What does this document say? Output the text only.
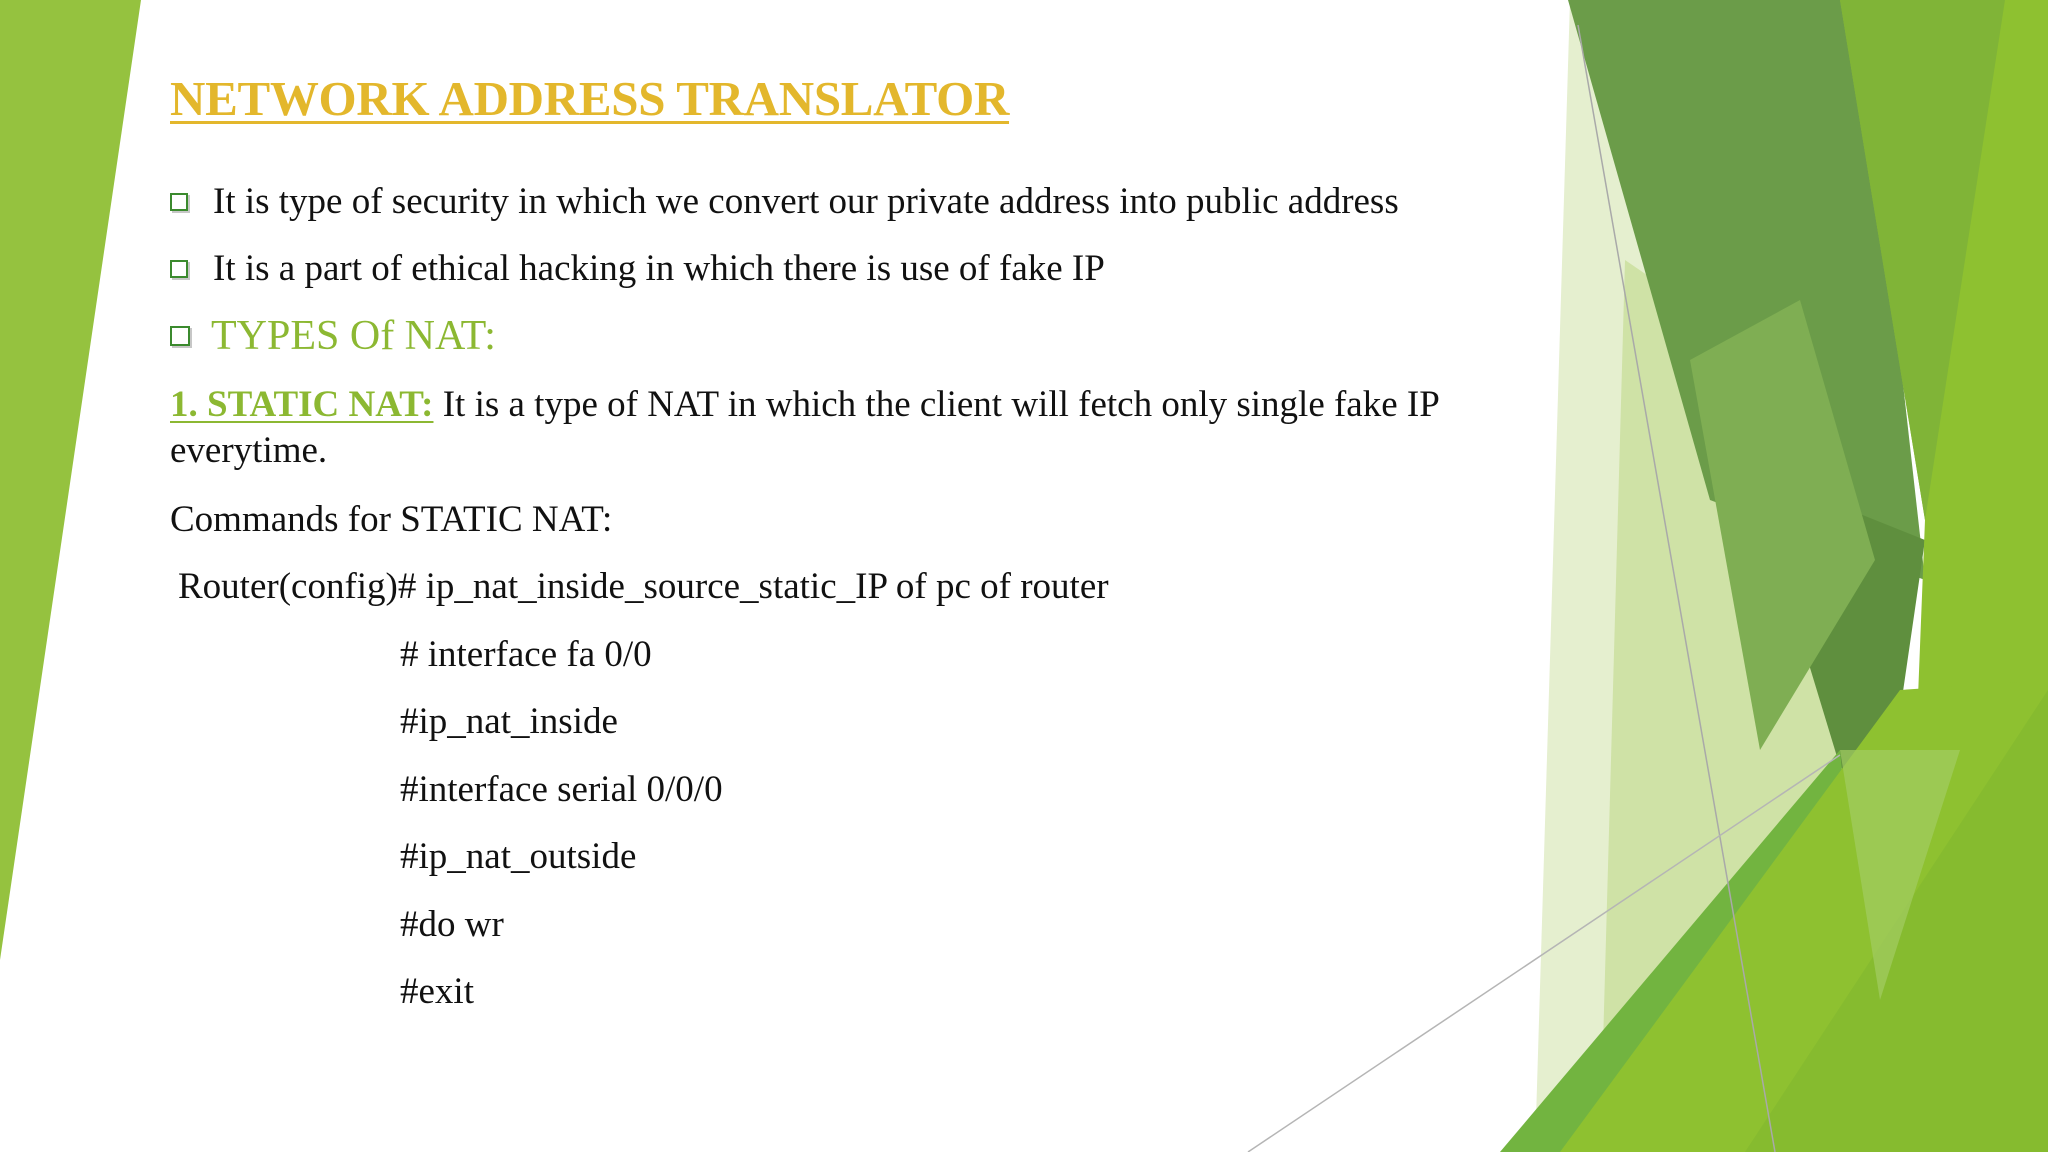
NETWORK ADDRESS TRANSLATOR
It is type of security in which we convert our private address into public address
It is a part of ethical hacking in which there is use of fake IP
TYPES Of NAT:

1. STATIC NAT: It is a type of NAT in which the client will fetch only single fake IP everytime.

Commands for STATIC NAT:
Router(config)# ip_nat_inside_source_static_IP of pc of router
# interface fa 0/0
#ip_nat_inside
#interface serial 0/0/0
#ip_nat_outside
#do wr
#exit
